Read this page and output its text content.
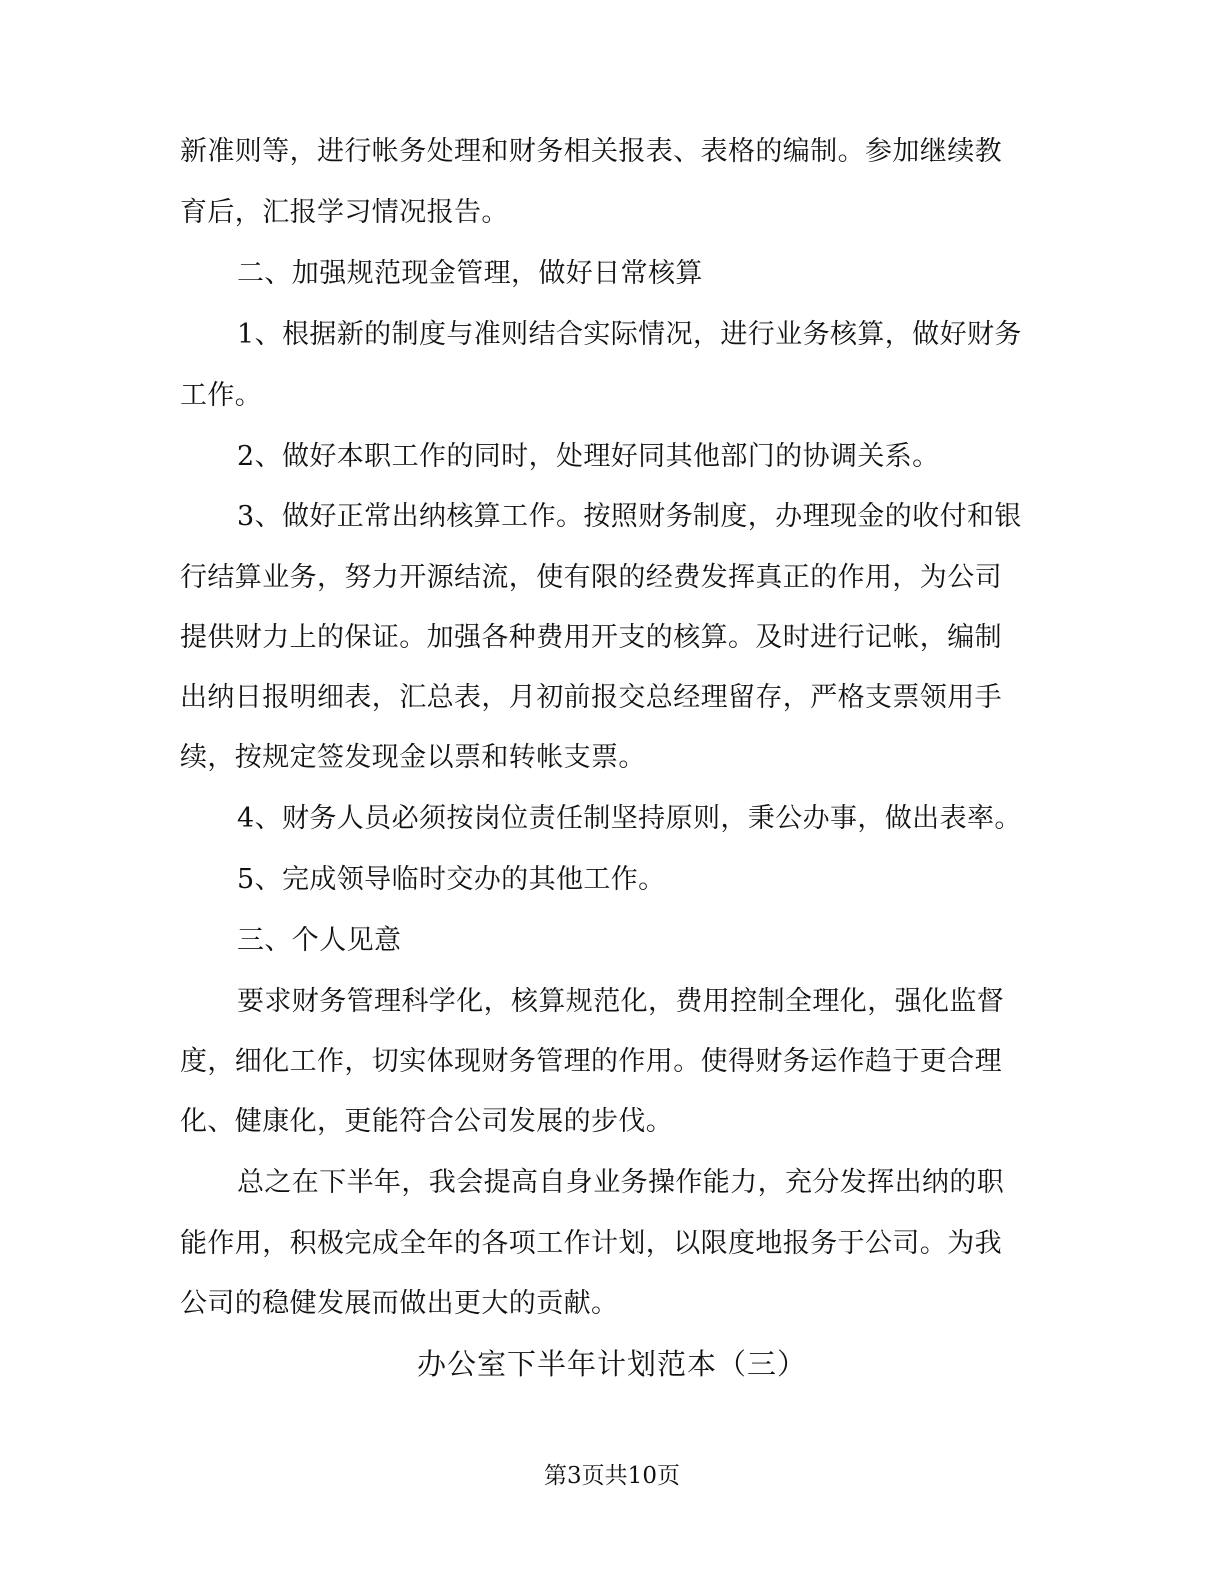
新准则等，进行帐务处理和财务相关报表、表格的编制。参加继续教
育后，汇报学习情况报告。
二、加强规范现金管理，做好日常核算
1、根据新的制度与准则结合实际情况，进行业务核算，做好财务
工作。
2、做好本职工作的同时，处理好同其他部门的协调关系。
3、做好正常出纳核算工作。按照财务制度，办理现金的收付和银
行结算业务，努力开源结流，使有限的经费发挥真正的作用，为公司
提供财力上的保证。加强各种费用开支的核算。及时进行记帐，编制
出纳日报明细表，汇总表，月初前报交总经理留存，严格支票领用手
续，按规定签发现金以票和转帐支票。
4、财务人员必须按岗位责任制坚持原则，秉公办事，做出表率。
5、完成领导临时交办的其他工作。
三、个人见意
要求财务管理科学化，核算规范化，费用控制全理化，强化监督
度，细化工作，切实体现财务管理的作用。使得财务运作趋于更合理
化、健康化，更能符合公司发展的步伐。
总之在下半年，我会提高自身业务操作能力，充分发挥出纳的职
能作用，积极完成全年的各项工作计划，以限度地报务于公司。为我
公司的稳健发展而做出更大的贡献。
办公室下半年计划范本（三）
第3页共10页
